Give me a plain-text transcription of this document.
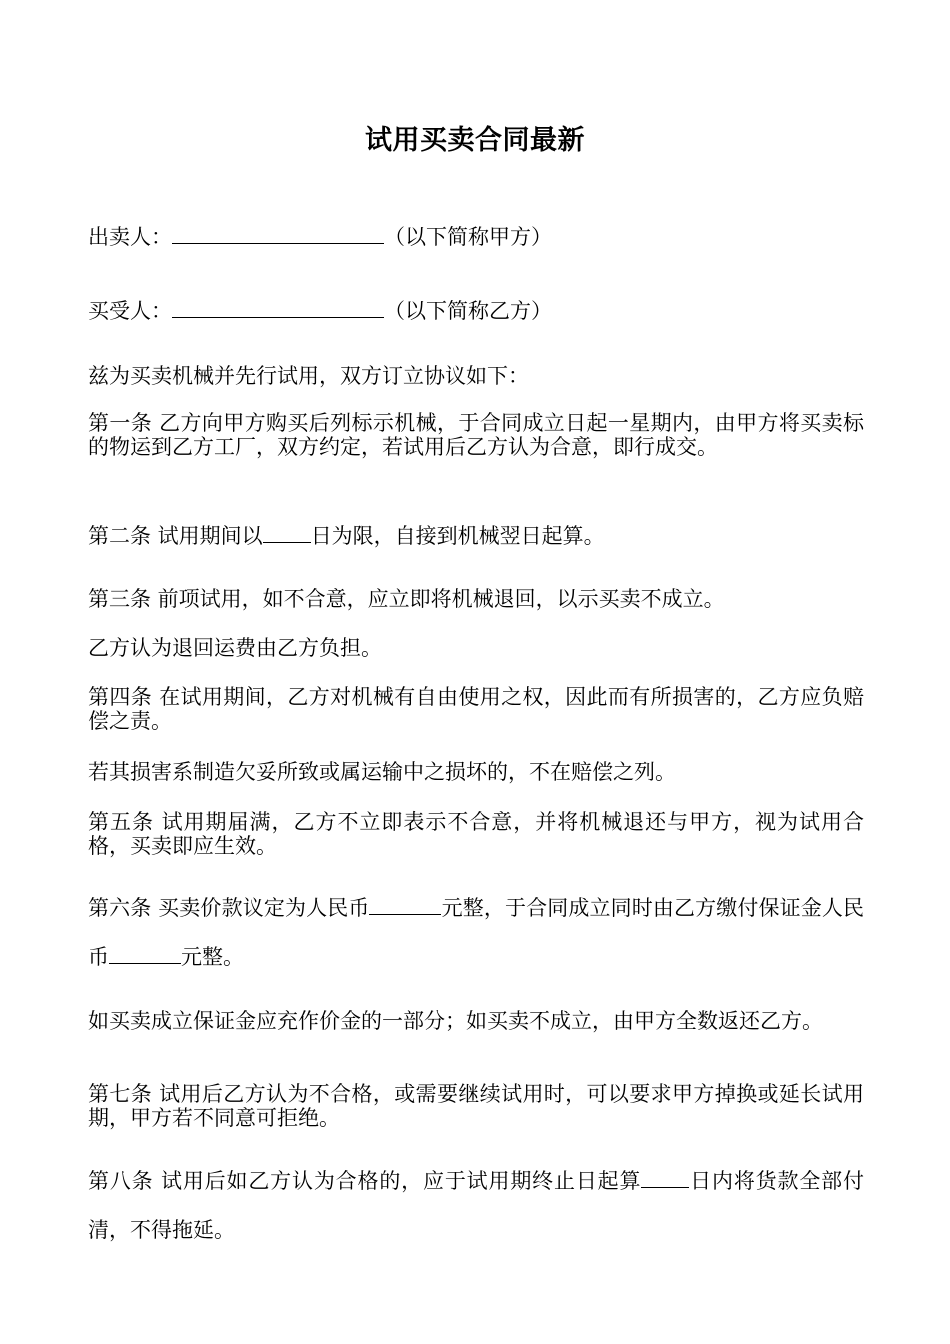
试用买卖合同最新

出卖人：	（以下简称甲方）

买受人：	（以下简称乙方）

兹为买卖机械并先行试用，双方订立协议如下：

第一条 乙方向甲方购买后列标示机械，于合同成立日起一星期内，由甲方将买卖标的物运到乙方工厂，双方约定，若试用后乙方认为合意，即行成交。

第二条 试用期间以 日为限，自接到机械翌日起算。

第三条 前项试用，如不合意，应立即将机械退回，以示买卖不成立。

乙方认为退回运费由乙方负担。

第四条 在试用期间，乙方对机械有自由使用之权，因此而有所损害的，乙方应负赔偿之责。

若其损害系制造欠妥所致或属运输中之损坏的，不在赔偿之列。

第五条 试用期届满，乙方不立即表示不合意，并将机械退还与甲方，视为试用合格，买卖即应生效。

第六条 买卖价款议定为人民币	元整，于合同成立同时由乙方缴付保证金人民币	元整。

如买卖成立保证金应充作价金的一部分；如买卖不成立，由甲方全数返还乙方。

第七条 试用后乙方认为不合格，或需要继续试用时，可以要求甲方掉换或延长试用期，甲方若不同意可拒绝。

第八条 试用后如乙方认为合格的，应于试用期终止日起算 日内将货款全部付清，不得拖延。
